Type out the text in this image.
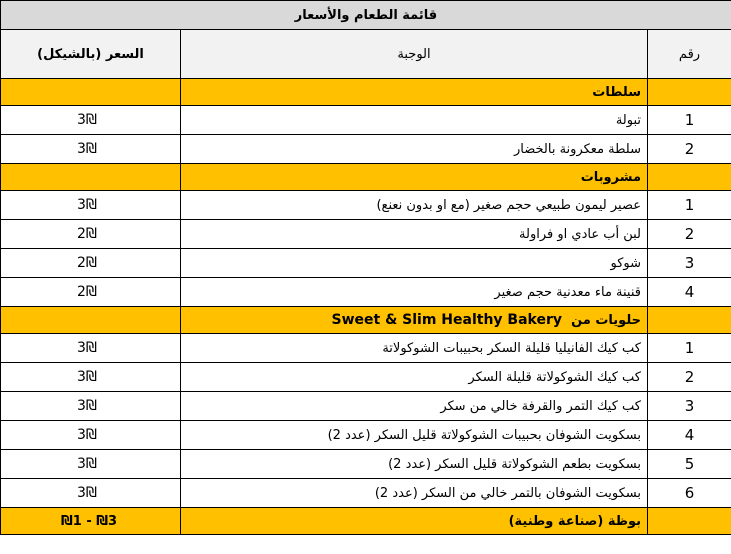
قائمة الطعام والأسعار		
رقم	الوجبة	السعر (بالشيكل)
	سلطات	
1	تبولة	3₪
2	سلطة معكرونة بالخضار	3₪
	مشروبات	
1	عصير ليمون طبيعي حجم صغير (مع او بدون نعنع)	3₪
2	لبن أب عادي او فراولة	2₪
3	شوكو	2₪
4	قنينة ماء معدنية حجم صغير	2₪
	حلويات من  Sweet & Slim Healthy Bakery	
1	كب كيك الفانيليا قليلة السكر بحبيبات الشوكولاتة	3₪
2	كب كيك الشوكولاتة قليلة السكر	3₪
3	كب كيك التمر والقرفة خالي من سكر	3₪
4	بسكويت الشوفان بحبيبات الشوكولاتة قليل السكر (عدد 2)	3₪
5	بسكويت بطعم الشوكولاتة قليل السكر (عدد 2)	3₪
6	بسكويت الشوفان بالتمر خالي من السكر (عدد 2)	3₪
	بوظة (صناعة وطنية)	₪1 - ₪3
